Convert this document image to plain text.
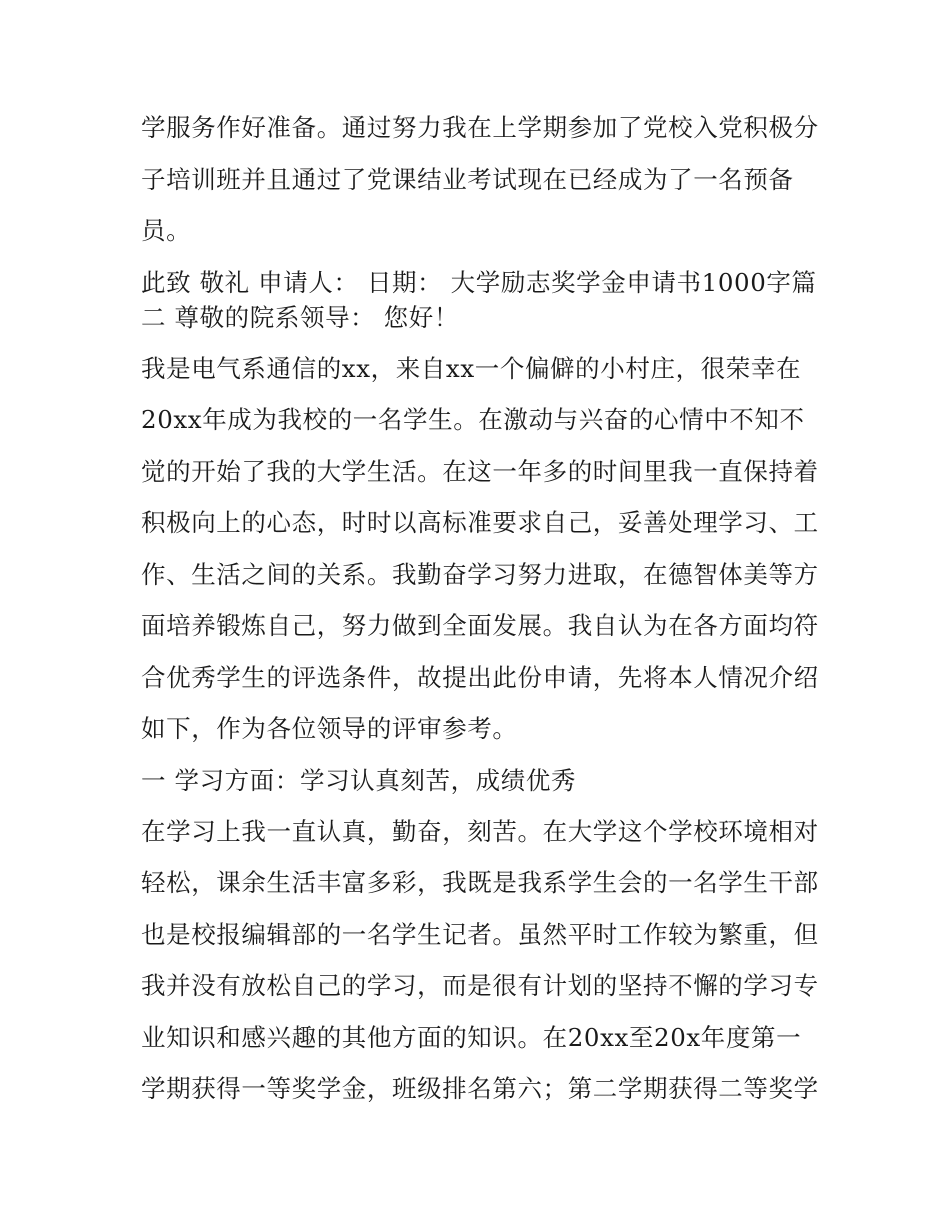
学服务作好准备。通过努力我在上学期参加了党校入党积极分
子培训班并且通过了党课结业考试现在已经成为了一名预备
员。
此致 敬礼 申请人： 日期： 大学励志奖学金申请书1000字篇
二 尊敬的院系领导： 您好！
我是电气系通信的xx，来自xx一个偏僻的小村庄，很荣幸在
20xx年成为我校的一名学生。在激动与兴奋的心情中不知不
觉的开始了我的大学生活。在这一年多的时间里我一直保持着
积极向上的心态，时时以高标准要求自己，妥善处理学习、工
作、生活之间的关系。我勤奋学习努力进取，在德智体美等方
面培养锻炼自己，努力做到全面发展。我自认为在各方面均符
合优秀学生的评选条件，故提出此份申请，先将本人情况介绍
如下，作为各位领导的评审参考。
一 学习方面：学习认真刻苦，成绩优秀
在学习上我一直认真，勤奋，刻苦。在大学这个学校环境相对
轻松，课余生活丰富多彩，我既是我系学生会的一名学生干部
也是校报编辑部的一名学生记者。虽然平时工作较为繁重，但
我并没有放松自己的学习，而是很有计划的坚持不懈的学习专
业知识和感兴趣的其他方面的知识。在20xx至20x年度第一
学期获得一等奖学金，班级排名第六；第二学期获得二等奖学
